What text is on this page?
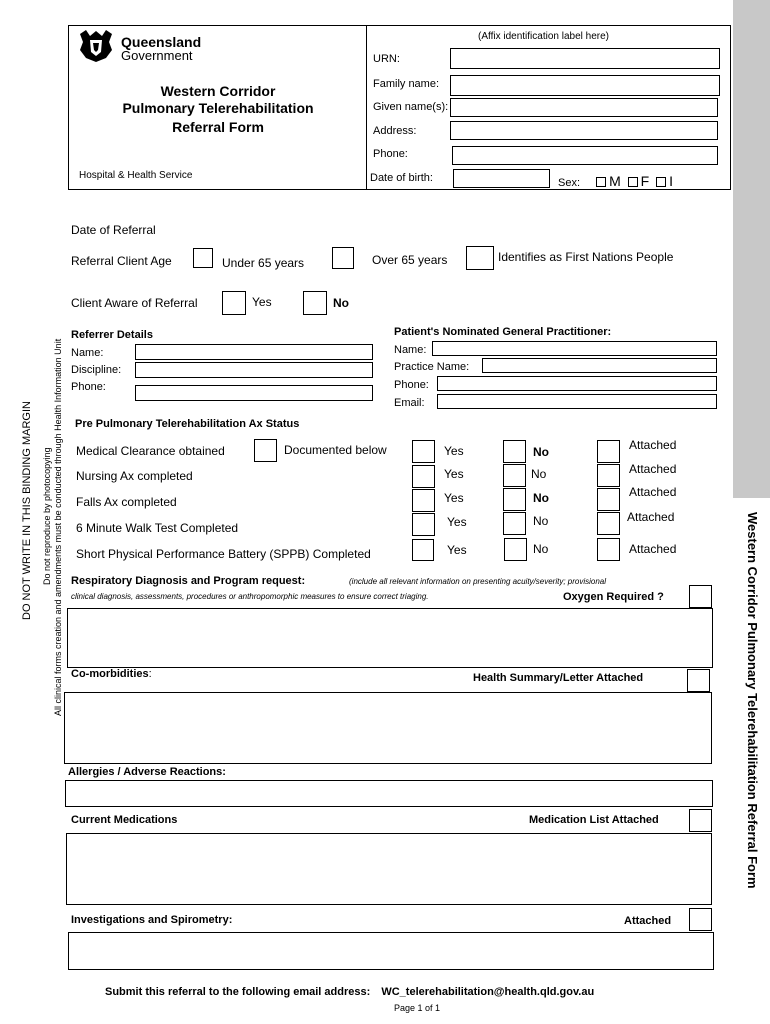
Western Corridor Pulmonary Telerehabilitation Referral Form
DO NOT WRITE IN THIS BINDING MARGIN Do not reproduce by photocopying All clinical forms creation and amendments must be conducted through Health Information Unit
Queensland
Government
Western Corridor
Pulmonary Telerehabilitation
Referral Form
Hospital & Health Service
(Affix identification label here)
URN:
Family name:
Given name(s):
Address:
Phone:
Date of birth:	Sex: M F I
Date of Referral
Referral Client Age	Under 65 years	Over 65 years	Identifies as First Nations People
Client Aware of Referral	Yes	No
Referrer Details
Name:
Discipline:
Phone:
Patient's Nominated General Practitioner:
Name:
Practice Name:
Phone:
Email:
Pre Pulmonary Telerehabilitation Ax Status
Medical Clearance obtained	Documented below	Yes	No	Attached
Nursing Ax completed	Yes	No	Attached
Falls Ax completed	Yes	No	Attached
6 Minute Walk Test Completed	Yes	No	Attached
Short Physical Performance Battery (SPPB) Completed	Yes	No	Attached
Respiratory Diagnosis and Program request:	(include all relevant information on presenting acuity/severity; provisional
clinical diagnosis, assessments, procedures or anthropomorphic measures to ensure correct triaging.	Oxygen Required ?
Co-morbidities:	Health Summary/Letter Attached
Allergies / Adverse Reactions:
Current Medications	Medication List Attached
Investigations and Spirometry:	Attached
Submit this referral to the following email address: WC_telerehabilitation@health.qld.gov.au
Page 1 of 1
